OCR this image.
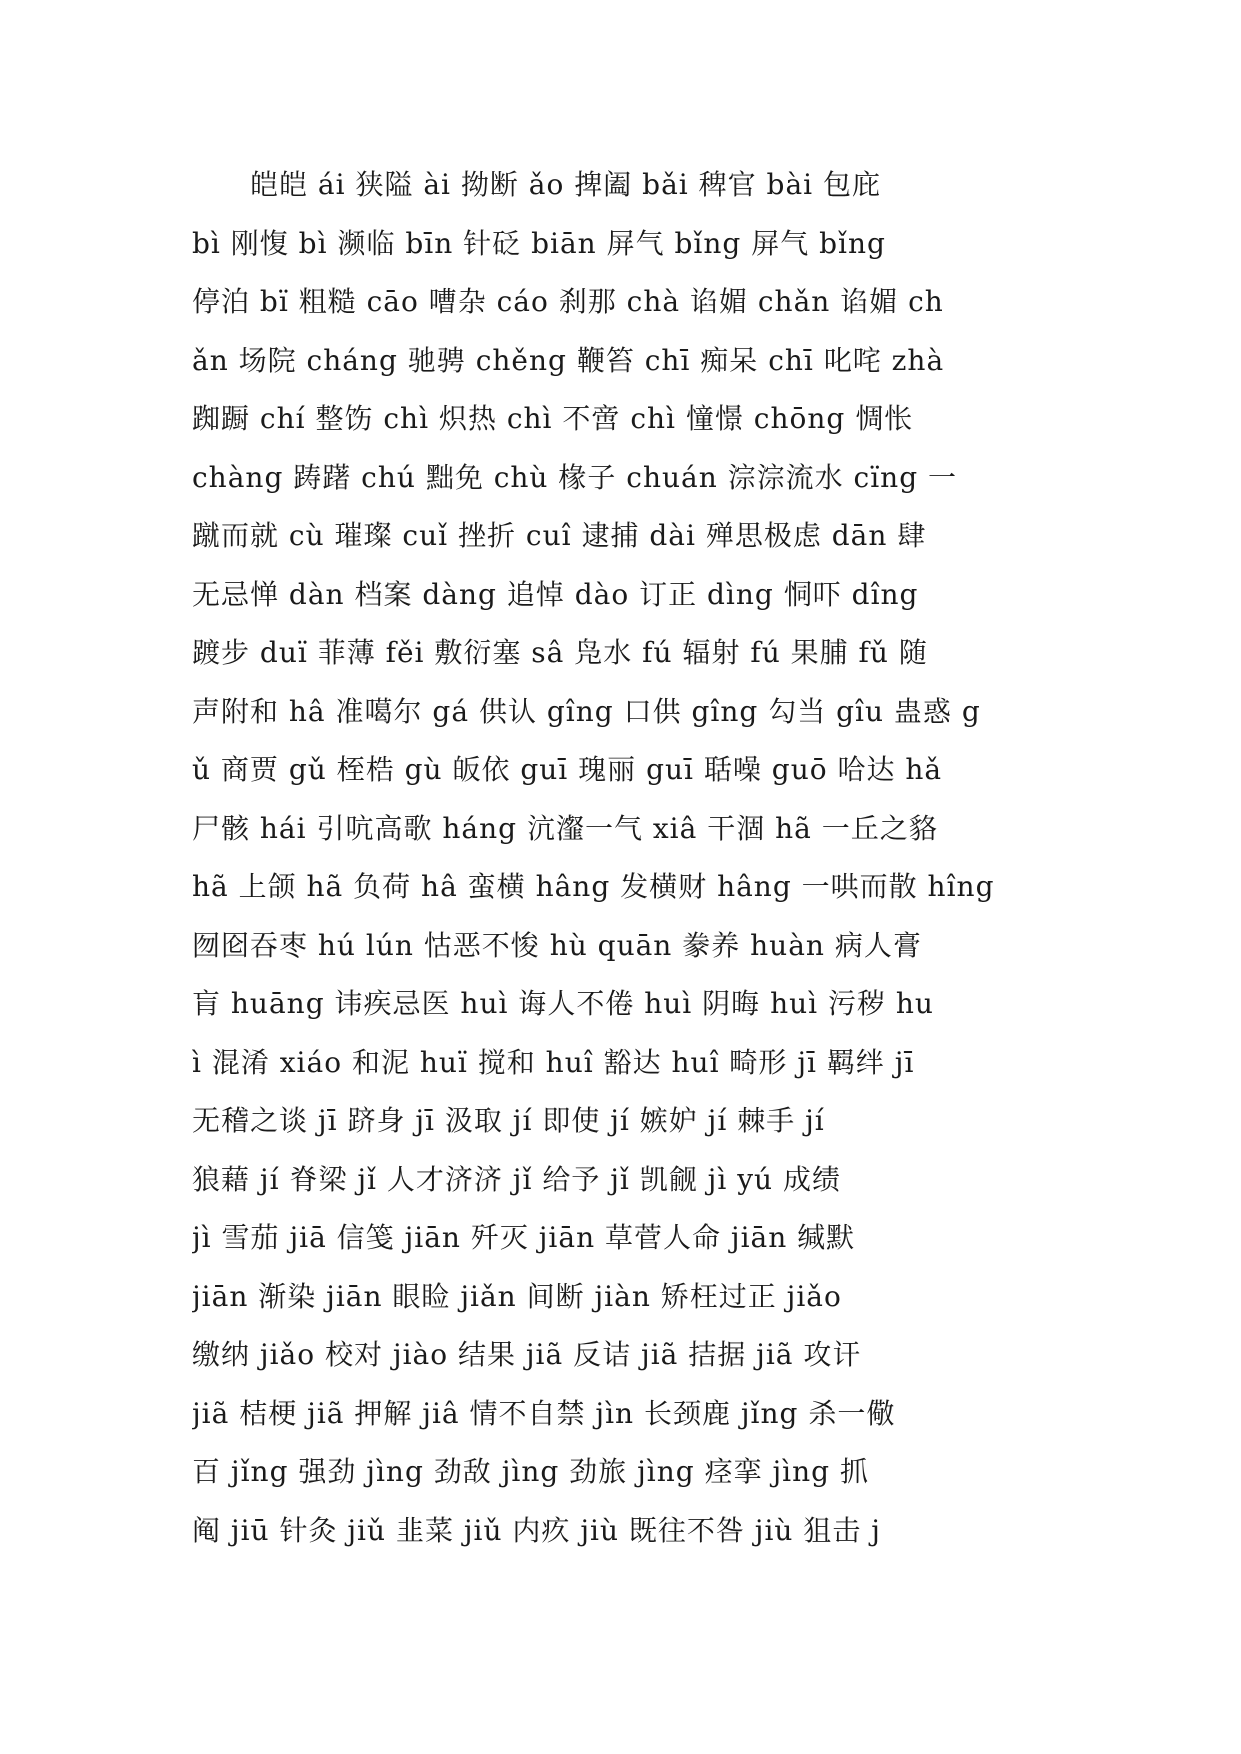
　　皑皑 ái 狭隘 ài 拗断 ǎo 捭阖 bǎi 稗官 bài 包庇
bì 刚愎 bì 濒临 bīn 针砭 biān 屏气 bǐng 屏气 bǐng
停泊 bï 粗糙 cāo 嘈杂 cáo 刹那 chà 谄媚 chǎn 谄媚 ch
ǎn 场院 cháng 驰骋 chěng 鞭笞 chī 痴呆 chī 叱咤 zhà
踟蹰 chí 整饬 chì 炽热 chì 不啻 chì 憧憬 chōng 惆怅
chàng 踌躇 chú 黜免 chù 椽子 chuán 淙淙流水 cïng 一
蹴而就 cù 璀璨 cuǐ 挫折 cuî 逮捕 dài 殚思极虑 dān 肆
无忌惮 dàn 档案 dàng 追悼 dào 订正 dìng 恫吓 dîng
踱步 duï 菲薄 fěi 敷衍塞 sâ 凫水 fú 辐射 fú 果脯 fǔ 随
声附和 hâ 准噶尔 gá 供认 gîng 口供 gîng 勾当 gîu 蛊惑 g
ǔ 商贾 gǔ 桎梏 gù 皈依 guī 瑰丽 guī 聒噪 guō 哈达 hǎ
尸骸 hái 引吭高歌 háng 沆瀣一气 xiâ 干涸 hã 一丘之貉
hã 上颌 hã 负荷 hâ 蛮横 hâng 发横财 hâng 一哄而散 hîng
囫囵吞枣 hú lún 怙恶不悛 hù quān 豢养 huàn 病人膏
肓 huāng 讳疾忌医 huì 诲人不倦 huì 阴晦 huì 污秽 hu
ì 混淆 xiáo 和泥 huï 搅和 huî 豁达 huî 畸形 jī 羁绊 jī
无稽之谈 jī 跻身 jī 汲取 jí 即使 jí 嫉妒 jí 棘手 jí
狼藉 jí 脊梁 jǐ 人才济济 jǐ 给予 jǐ 凯觎 jì yú 成绩
jì 雪茄 jiā 信笺 jiān 歼灭 jiān 草菅人命 jiān 缄默
jiān 渐染 jiān 眼睑 jiǎn 间断 jiàn 矫枉过正 jiǎo
缴纳 jiǎo 校对 jiào 结果 jiã 反诘 jiã 拮据 jiã 攻讦
jiã 桔梗 jiã 押解 jiâ 情不自禁 jìn 长颈鹿 jǐng 杀一儆
百 jǐng 强劲 jìng 劲敌 jìng 劲旅 jìng 痉挛 jìng 抓
阄 jiū 针灸 jiǔ 韭菜 jiǔ 内疚 jiù 既往不咎 jiù 狙击 j
